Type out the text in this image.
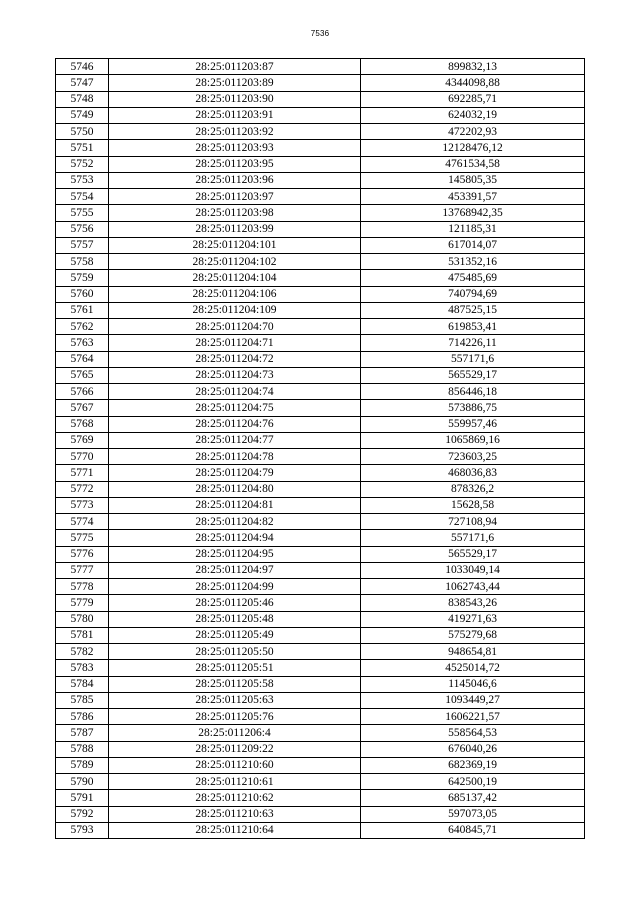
7536
5746	28:25:011203:87	899832,13
5747	28:25:011203:89	4344098,88
5748	28:25:011203:90	692285,71
5749	28:25:011203:91	624032,19
5750	28:25:011203:92	472202,93
5751	28:25:011203:93	12128476,12
5752	28:25:011203:95	4761534,58
5753	28:25:011203:96	145805,35
5754	28:25:011203:97	453391,57
5755	28:25:011203:98	13768942,35
5756	28:25:011203:99	121185,31
5757	28:25:011204:101	617014,07
5758	28:25:011204:102	531352,16
5759	28:25:011204:104	475485,69
5760	28:25:011204:106	740794,69
5761	28:25:011204:109	487525,15
5762	28:25:011204:70	619853,41
5763	28:25:011204:71	714226,11
5764	28:25:011204:72	557171,6
5765	28:25:011204:73	565529,17
5766	28:25:011204:74	856446,18
5767	28:25:011204:75	573886,75
5768	28:25:011204:76	559957,46
5769	28:25:011204:77	1065869,16
5770	28:25:011204:78	723603,25
5771	28:25:011204:79	468036,83
5772	28:25:011204:80	878326,2
5773	28:25:011204:81	15628,58
5774	28:25:011204:82	727108,94
5775	28:25:011204:94	557171,6
5776	28:25:011204:95	565529,17
5777	28:25:011204:97	1033049,14
5778	28:25:011204:99	1062743,44
5779	28:25:011205:46	838543,26
5780	28:25:011205:48	419271,63
5781	28:25:011205:49	575279,68
5782	28:25:011205:50	948654,81
5783	28:25:011205:51	4525014,72
5784	28:25:011205:58	1145046,6
5785	28:25:011205:63	1093449,27
5786	28:25:011205:76	1606221,57
5787	28:25:011206:4	558564,53
5788	28:25:011209:22	676040,26
5789	28:25:011210:60	682369,19
5790	28:25:011210:61	642500,19
5791	28:25:011210:62	685137,42
5792	28:25:011210:63	597073,05
5793	28:25:011210:64	640845,71
